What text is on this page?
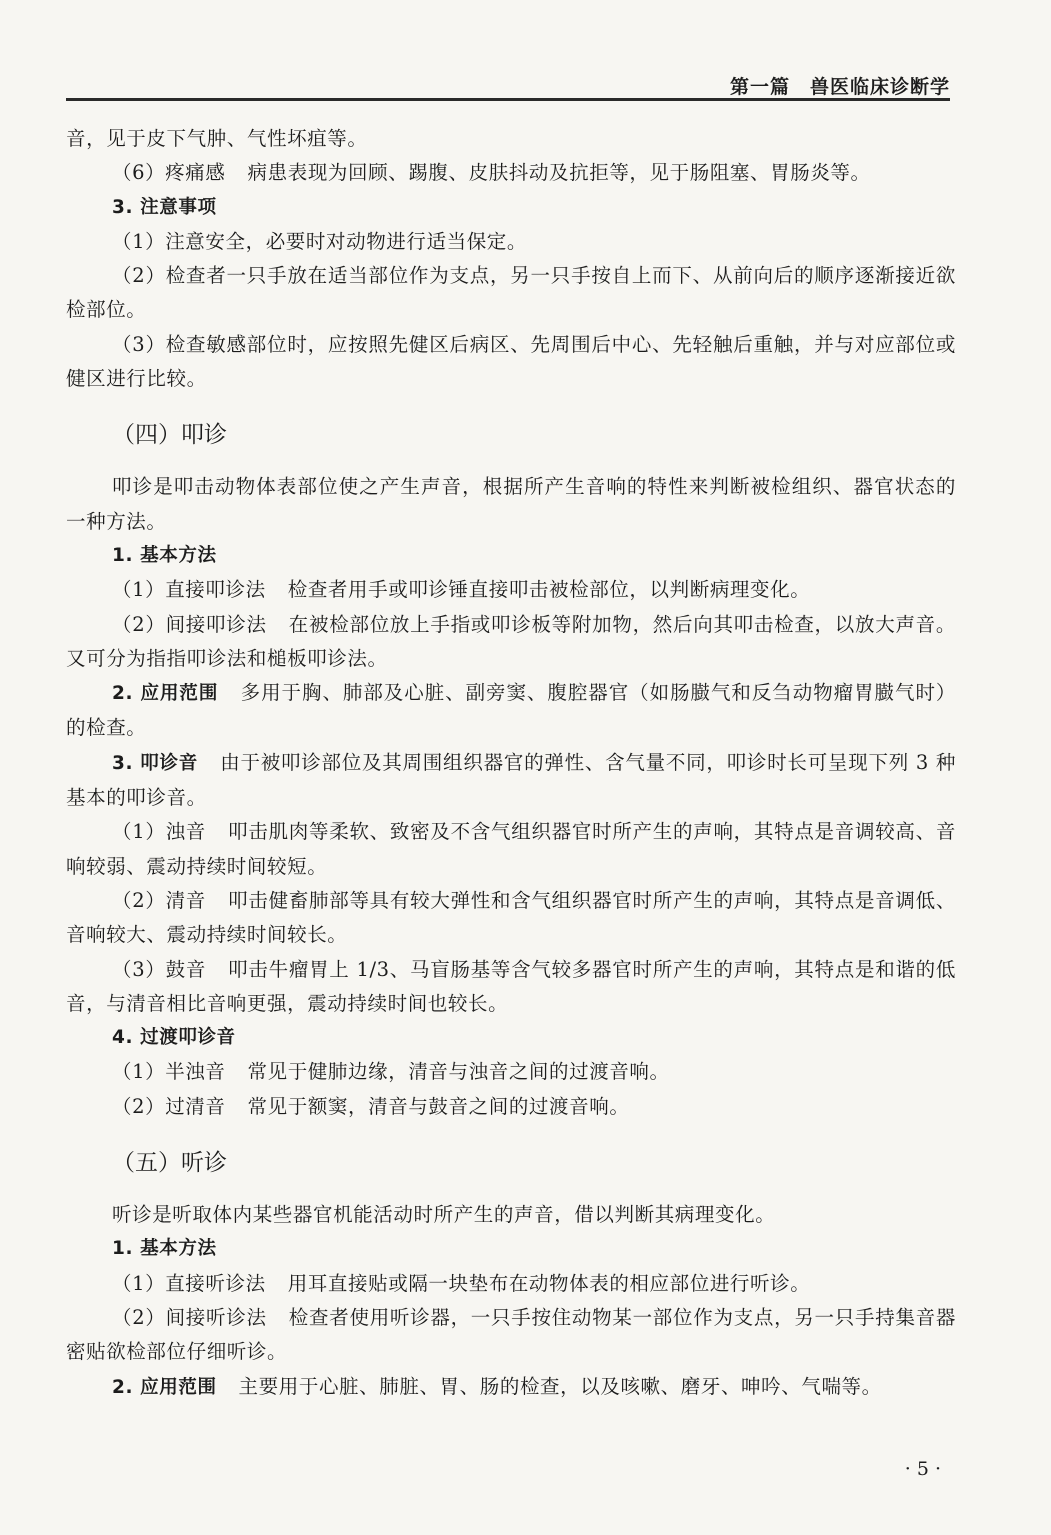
第一篇　兽医临床诊断学

音，见于皮下气肿、气性坏疽等。

（6）疼痛感 病患表现为回顾、踢腹、皮肤抖动及抗拒等，见于肠阻塞、胃肠炎等。

3. 注意事项

（1）注意安全，必要时对动物进行适当保定。

（2）检查者一只手放在适当部位作为支点，另一只手按自上而下、从前向后的顺序逐渐接近欲检部位。

（3）检查敏感部位时，应按照先健区后病区、先周围后中心、先轻触后重触，并与对应部位或健区进行比较。

（四）叩诊

叩诊是叩击动物体表部位使之产生声音，根据所产生音响的特性来判断被检组织、器官状态的一种方法。

1. 基本方法

（1）直接叩诊法 检查者用手或叩诊锤直接叩击被检部位，以判断病理变化。

（2）间接叩诊法 在被检部位放上手指或叩诊板等附加物，然后向其叩击检查，以放大声音。又可分为指指叩诊法和槌板叩诊法。

2. 应用范围 多用于胸、肺部及心脏、副旁窦、腹腔器官（如肠臌气和反刍动物瘤胃臌气时）的检查。

3. 叩诊音 由于被叩诊部位及其周围组织器官的弹性、含气量不同，叩诊时长可呈现下列 3 种基本的叩诊音。

（1）浊音 叩击肌肉等柔软、致密及不含气组织器官时所产生的声响，其特点是音调较高、音响较弱、震动持续时间较短。

（2）清音 叩击健畜肺部等具有较大弹性和含气组织器官时所产生的声响，其特点是音调低、音响较大、震动持续时间较长。

（3）鼓音 叩击牛瘤胃上 1/3、马盲肠基等含气较多器官时所产生的声响，其特点是和谐的低音，与清音相比音响更强，震动持续时间也较长。

4. 过渡叩诊音

（1）半浊音 常见于健肺边缘，清音与浊音之间的过渡音响。

（2）过清音 常见于额窦，清音与鼓音之间的过渡音响。

（五）听诊

听诊是听取体内某些器官机能活动时所产生的声音，借以判断其病理变化。

1. 基本方法

（1）直接听诊法 用耳直接贴或隔一块垫布在动物体表的相应部位进行听诊。

（2）间接听诊法 检查者使用听诊器，一只手按住动物某一部位作为支点，另一只手持集音器密贴欲检部位仔细听诊。

2. 应用范围 主要用于心脏、肺脏、胃、肠的检查，以及咳嗽、磨牙、呻吟、气喘等。

· 5 ·
